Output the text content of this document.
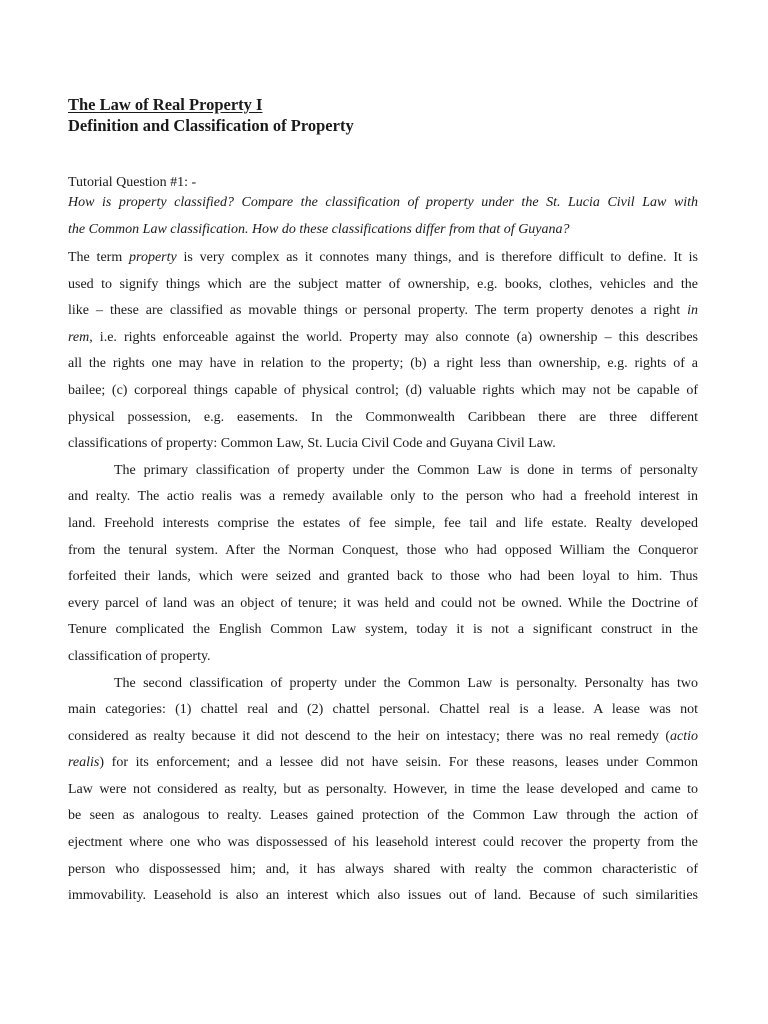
The Law of Real Property I
Definition and Classification of Property
Tutorial Question #1: -
How is property classified? Compare the classification of property under the St. Lucia Civil Law with
the Common Law classification. How do these classifications differ from that of Guyana?
The term property is very complex as it connotes many things, and is therefore difficult to define. It is
used to signify things which are the subject matter of ownership, e.g. books, clothes, vehicles and the
like – these are classified as movable things or personal property. The term property denotes a right in
rem, i.e. rights enforceable against the world. Property may also connote (a) ownership – this describes
all the rights one may have in relation to the property; (b) a right less than ownership, e.g. rights of a
bailee; (c) corporeal things capable of physical control; (d) valuable rights which may not be capable of
physical possession, e.g. easements. In the Commonwealth Caribbean there are three different
classifications of property: Common Law, St. Lucia Civil Code and Guyana Civil Law.
The primary classification of property under the Common Law is done in terms of personalty
and realty. The actio realis was a remedy available only to the person who had a freehold interest in
land. Freehold interests comprise the estates of fee simple, fee tail and life estate. Realty developed
from the tenural system. After the Norman Conquest, those who had opposed William the Conqueror
forfeited their lands, which were seized and granted back to those who had been loyal to him. Thus
every parcel of land was an object of tenure; it was held and could not be owned. While the Doctrine of
Tenure complicated the English Common Law system, today it is not a significant construct in the
classification of property.
The second classification of property under the Common Law is personalty. Personalty has two
main categories: (1) chattel real and (2) chattel personal. Chattel real is a lease. A lease was not
considered as realty because it did not descend to the heir on intestacy; there was no real remedy (actio
realis) for its enforcement; and a lessee did not have seisin. For these reasons, leases under Common
Law were not considered as realty, but as personalty. However, in time the lease developed and came to
be seen as analogous to realty. Leases gained protection of the Common Law through the action of
ejectment where one who was dispossessed of his leasehold interest could recover the property from the
person who dispossessed him; and, it has always shared with realty the common characteristic of
immovability. Leasehold is also an interest which also issues out of land. Because of such similarities
